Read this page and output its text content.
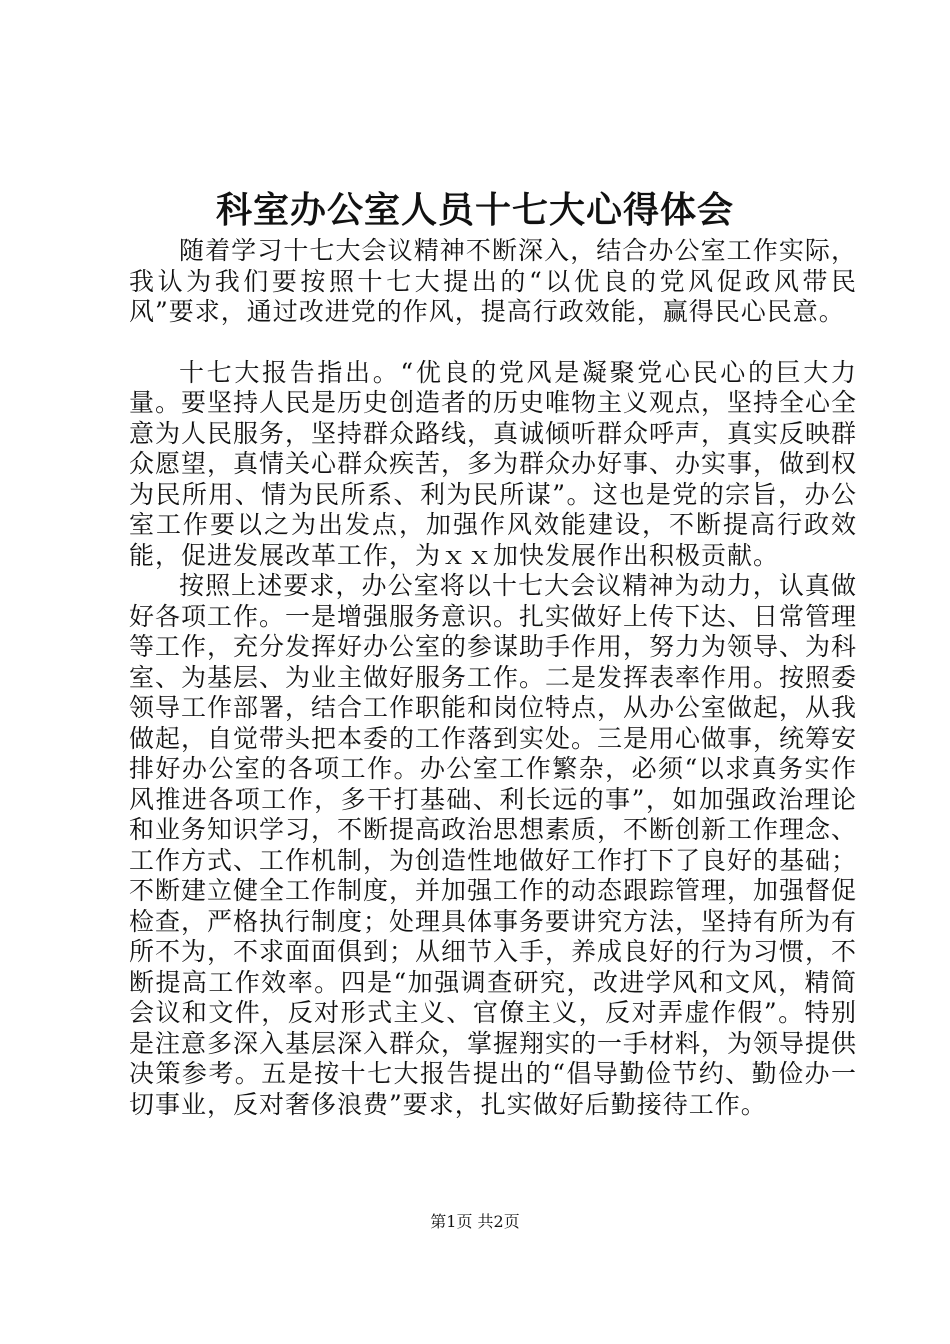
科室办公室人员十七大心得体会

随着学习十七大会议精神不断深入，结合办公室工作实际，我认为我们要按照十七大提出的“以优良的党风促政风带民风”要求，通过改进党的作风，提高行政效能，赢得民心民意。

十七大报告指出。“优良的党风是凝聚党心民心的巨大力量。要坚持人民是历史创造者的历史唯物主义观点，坚持全心全意为人民服务，坚持群众路线，真诚倾听群众呼声，真实反映群众愿望，真情关心群众疾苦，多为群众办好事、办实事，做到权为民所用、情为民所系、利为民所谋”。这也是党的宗旨，办公室工作要以之为出发点，加强作风效能建设，不断提高行政效能，促进发展改革工作，为ｘｘ加快发展作出积极贡献。

按照上述要求，办公室将以十七大会议精神为动力，认真做好各项工作。一是增强服务意识。扎实做好上传下达、日常管理等工作，充分发挥好办公室的参谋助手作用，努力为领导、为科室、为基层、为业主做好服务工作。二是发挥表率作用。按照委领导工作部署，结合工作职能和岗位特点，从办公室做起，从我做起，自觉带头把本委的工作落到实处。三是用心做事，统筹安排好办公室的各项工作。办公室工作繁杂，必须“以求真务实作风推进各项工作，多干打基础、利长远的事”，如加强政治理论和业务知识学习，不断提高政治思想素质，不断创新工作理念、工作方式、工作机制，为创造性地做好工作打下了良好的基础；不断建立健全工作制度，并加强工作的动态跟踪管理，加强督促检查，严格执行制度；处理具体事务要讲究方法，坚持有所为有所不为，不求面面俱到；从细节入手，养成良好的行为习惯，不断提高工作效率。四是“加强调查研究，改进学风和文风，精简会议和文件，反对形式主义、官僚主义，反对弄虚作假”。特别是注意多深入基层深入群众，掌握翔实的一手材料，为领导提供决策参考。五是按十七大报告提出的“倡导勤俭节约、勤俭办一切事业，反对奢侈浪费”要求，扎实做好后勤接待工作。

第1页 共2页
